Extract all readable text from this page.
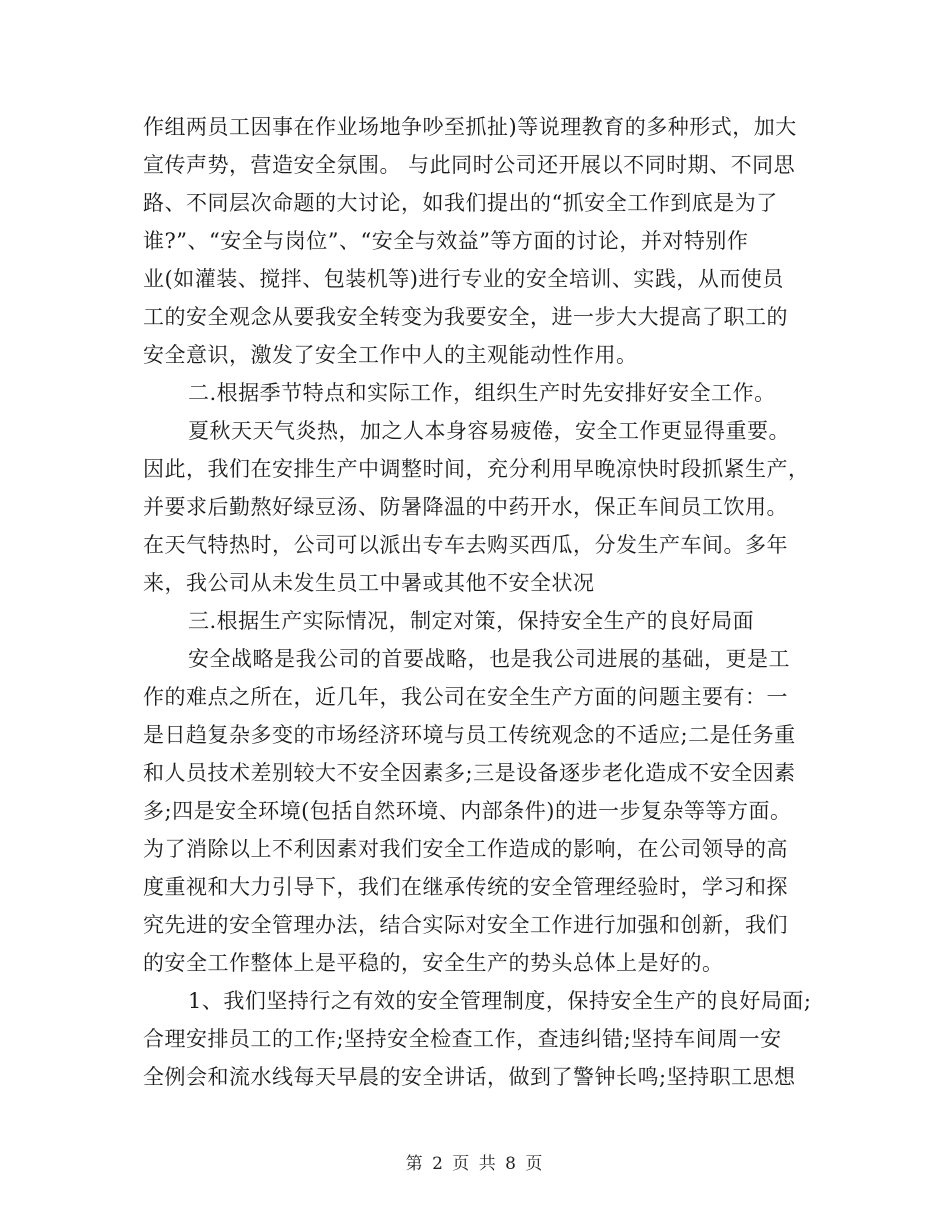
作组两员工因事在作业场地争吵至抓扯)等说理教育的多种形式，加大
宣传声势，营造安全氛围。 与此同时公司还开展以不同时期、不同思
路、不同层次命题的大讨论，如我们提出的“抓安全工作到底是为了
谁?”、“安全与岗位”、“安全与效益”等方面的讨论，并对特别作
业(如灌装、搅拌、包装机等)进行专业的安全培训、实践，从而使员
工的安全观念从要我安全转变为我要安全，进一步大大提高了职工的
安全意识，激发了安全工作中人的主观能动性作用。
二.根据季节特点和实际工作，组织生产时先安排好安全工作。
夏秋天天气炎热，加之人本身容易疲倦，安全工作更显得重要。
因此，我们在安排生产中调整时间，充分利用早晚凉快时段抓紧生产，
并要求后勤熬好绿豆汤、防暑降温的中药开水，保正车间员工饮用。
在天气特热时，公司可以派出专车去购买西瓜，分发生产车间。多年
来，我公司从未发生员工中暑或其他不安全状况
三.根据生产实际情况，制定对策，保持安全生产的良好局面
安全战略是我公司的首要战略，也是我公司进展的基础，更是工
作的难点之所在，近几年，我公司在安全生产方面的问题主要有：一
是日趋复杂多变的市场经济环境与员工传统观念的不适应;二是任务重
和人员技术差别较大不安全因素多;三是设备逐步老化造成不安全因素
多;四是安全环境(包括自然环境、内部条件)的进一步复杂等等方面。
为了消除以上不利因素对我们安全工作造成的影响，在公司领导的高
度重视和大力引导下，我们在继承传统的安全管理经验时，学习和探
究先进的安全管理办法，结合实际对安全工作进行加强和创新，我们
的安全工作整体上是平稳的，安全生产的势头总体上是好的。
1、我们坚持行之有效的安全管理制度，保持安全生产的良好局面;
合理安排员工的工作;坚持安全检查工作，查违纠错;坚持车间周一安
全例会和流水线每天早晨的安全讲话，做到了警钟长鸣;坚持职工思想
第 2 页 共 8 页
